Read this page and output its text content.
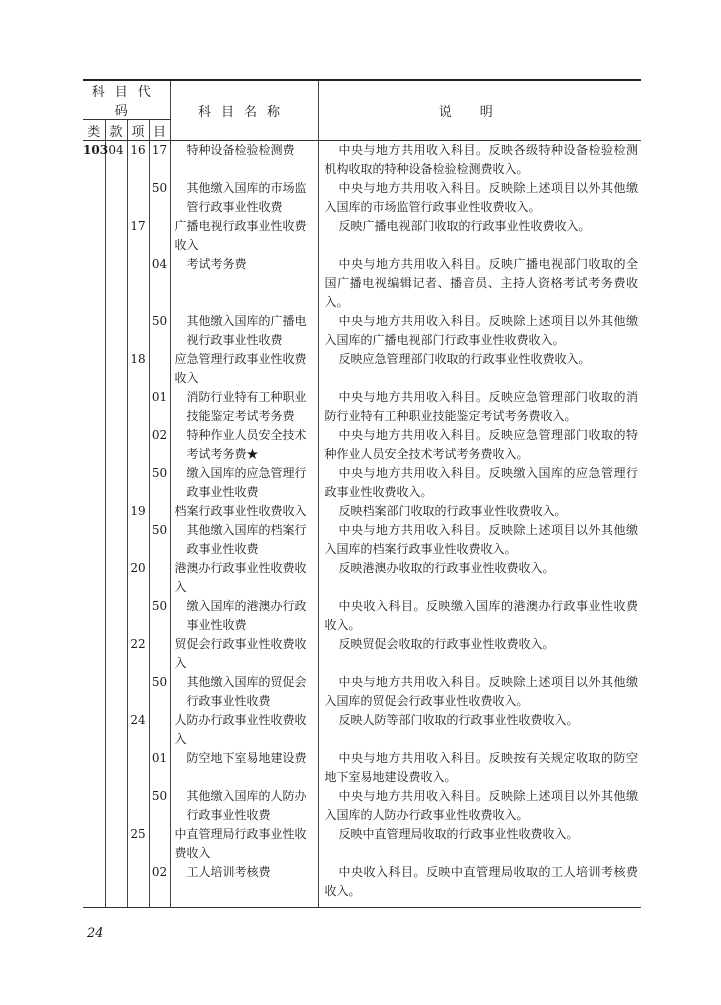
科目代码				科目名称	说明
类	款	项	目		
103	04	16	17	特种设备检验检测费	中央与地方共用收入科目。反映各级特种设备检验检测机构收取的特种设备检验检测费收入。
			50	其他缴入国库的市场监管行政事业性收费	中央与地方共用收入科目。反映除上述项目以外其他缴入国库的市场监管行政事业性收费收入。
		17		广播电视行政事业性收费收入	反映广播电视部门收取的行政事业性收费收入。
			04	考试考务费	中央与地方共用收入科目。反映广播电视部门收取的全国广播电视编辑记者、播音员、主持人资格考试考务费收入。
			50	其他缴入国库的广播电视行政事业性收费	中央与地方共用收入科目。反映除上述项目以外其他缴入国库的广播电视部门行政事业性收费收入。
		18		应急管理行政事业性收费收入	反映应急管理部门收取的行政事业性收费收入。
			01	消防行业特有工种职业技能鉴定考试考务费	中央与地方共用收入科目。反映应急管理部门收取的消防行业特有工种职业技能鉴定考试考务费收入。
			02	特种作业人员安全技术考试考务费★	中央与地方共用收入科目。反映应急管理部门收取的特种作业人员安全技术考试考务费收入。
			50	缴入国库的应急管理行政事业性收费	中央与地方共用收入科目。反映缴入国库的应急管理行政事业性收费收入。
		19		档案行政事业性收费收入	反映档案部门收取的行政事业性收费收入。
			50	其他缴入国库的档案行政事业性收费	中央与地方共用收入科目。反映除上述项目以外其他缴入国库的档案行政事业性收费收入。
		20		港澳办行政事业性收费收入	反映港澳办收取的行政事业性收费收入。
			50	缴入国库的港澳办行政事业性收费	中央收入科目。反映缴入国库的港澳办行政事业性收费收入。
		22		贸促会行政事业性收费收入	反映贸促会收取的行政事业性收费收入。
			50	其他缴入国库的贸促会行政事业性收费	中央与地方共用收入科目。反映除上述项目以外其他缴入国库的贸促会行政事业性收费收入。
		24		人防办行政事业性收费收入	反映人防等部门收取的行政事业性收费收入。
			01	防空地下室易地建设费	中央与地方共用收入科目。反映按有关规定收取的防空地下室易地建设费收入。
			50	其他缴入国库的人防办行政事业性收费	中央与地方共用收入科目。反映除上述项目以外其他缴入国库的人防办行政事业性收费收入。
		25		中直管理局行政事业性收费收入	反映中直管理局收取的行政事业性收费收入。
			02	工人培训考核费	中央收入科目。反映中直管理局收取的工人培训考核费收入。
24
